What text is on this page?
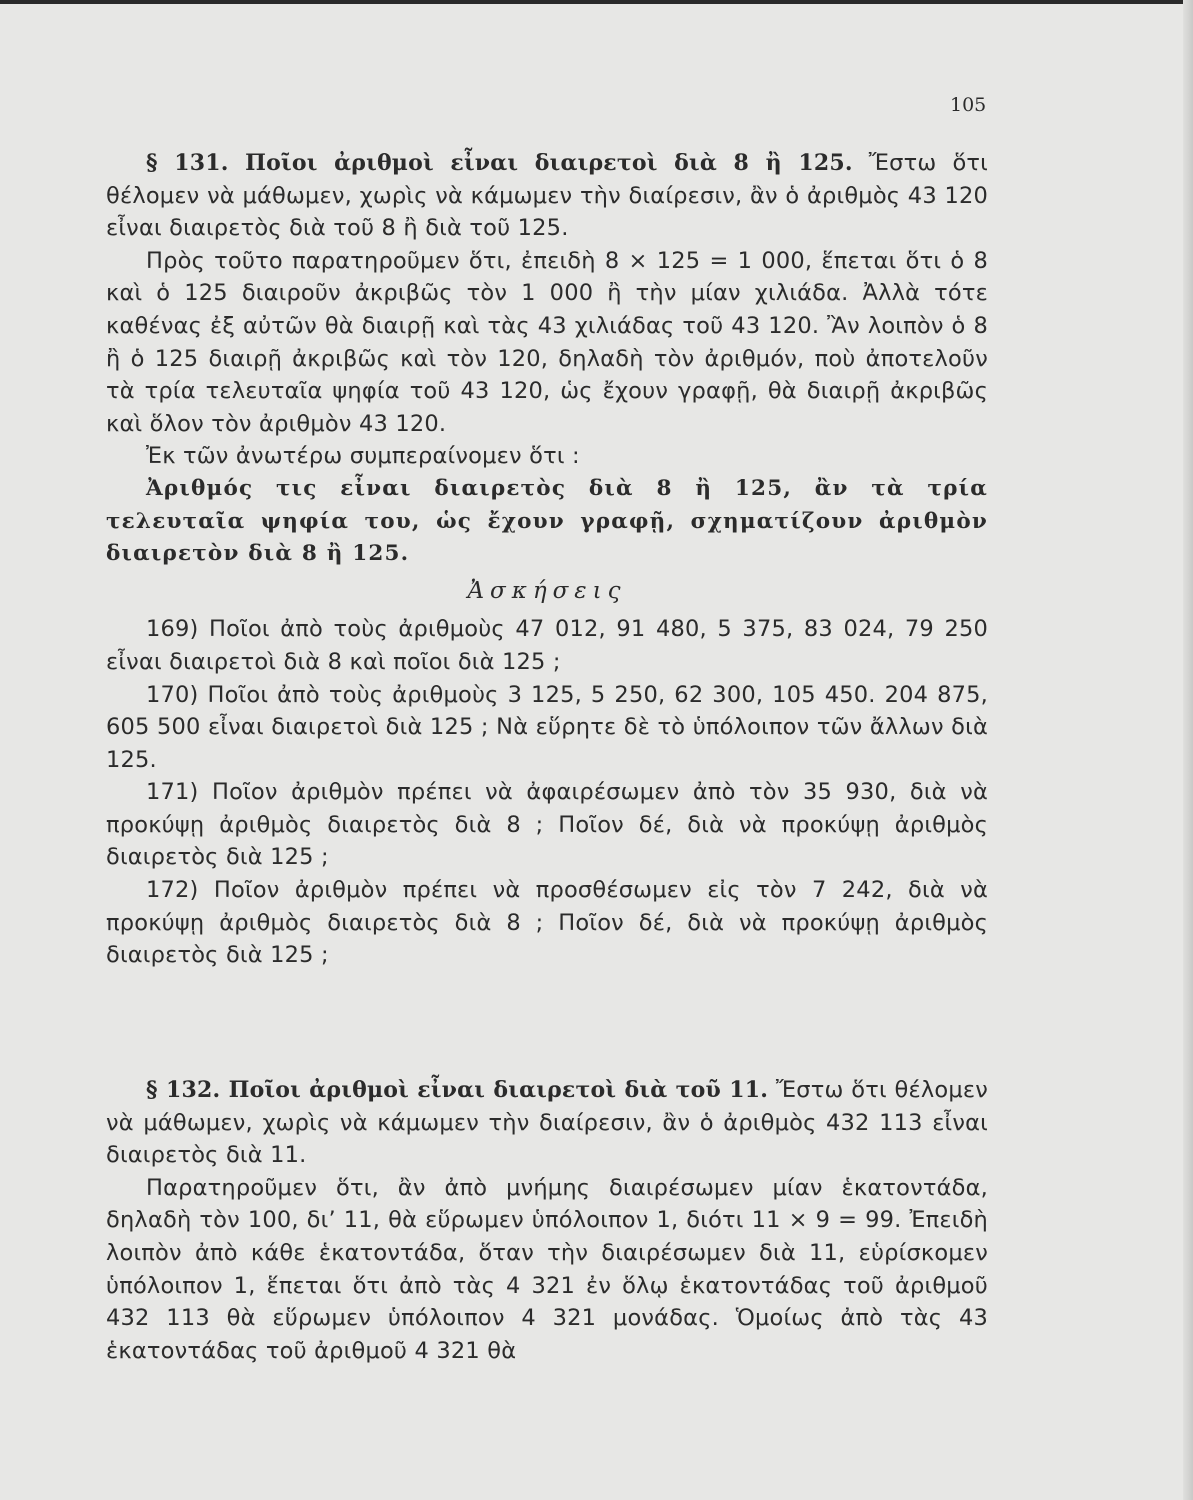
105

§ 131. Ποῖοι ἀριθμοὶ εἶναι διαιρετοὶ διὰ 8 ἢ 125. Ἔστω ὅτι θέλομεν νὰ μάθωμεν, χωρὶς νὰ κάμωμεν τὴν διαίρεσιν, ἂν ὁ ἀριθμὸς 43 120 εἶναι διαιρετὸς διὰ τοῦ 8 ἢ διὰ τοῦ 125.

Πρὸς τοῦτο παρατηροῦμεν ὅτι, ἐπειδὴ 8 × 125 = 1 000, ἕπεται ὅτι ὁ 8 καὶ ὁ 125 διαιροῦν ἀκριβῶς τὸν 1 000 ἢ τὴν μίαν χιλιάδα. Ἀλλὰ τότε καθένας ἐξ αὐτῶν θὰ διαιρῇ καὶ τὰς 43 χιλιάδας τοῦ 43 120. Ἂν λοιπὸν ὁ 8 ἢ ὁ 125 διαιρῇ ἀκριβῶς καὶ τὸν 120, δηλαδὴ τὸν ἀριθμόν, ποὺ ἀποτελοῦν τὰ τρία τελευταῖα ψηφία τοῦ 43 120, ὡς ἔχουν γραφῇ, θὰ διαιρῇ ἀκριβῶς καὶ ὅλον τὸν ἀριθμὸν 43 120.

Ἐκ τῶν ἀνωτέρω συμπεραίνομεν ὅτι :

Ἀριθμός τις εἶναι διαιρετὸς διὰ 8 ἢ 125, ἂν τὰ τρία τελευταῖα ψηφία του, ὡς ἔχουν γραφῇ, σχηματίζουν ἀριθμὸν διαιρετὸν διὰ 8 ἢ 125.

Ἀσκήσεις

169) Ποῖοι ἀπὸ τοὺς ἀριθμοὺς 47 012, 91 480, 5 375, 83 024, 79 250 εἶναι διαιρετοὶ διὰ 8 καὶ ποῖοι διὰ 125 ;

170) Ποῖοι ἀπὸ τοὺς ἀριθμοὺς 3 125, 5 250, 62 300, 105 450. 204 875, 605 500 εἶναι διαιρετοὶ διὰ 125 ; Νὰ εὕρητε δὲ τὸ ὑπόλοιπον τῶν ἄλλων διὰ 125.

171) Ποῖον ἀριθμὸν πρέπει νὰ ἀφαιρέσωμεν ἀπὸ τὸν 35 930, διὰ νὰ προκύψῃ ἀριθμὸς διαιρετὸς διὰ 8 ; Ποῖον δέ, διὰ νὰ προκύψῃ ἀριθμὸς διαιρετὸς διὰ 125 ;

172) Ποῖον ἀριθμὸν πρέπει νὰ προσθέσωμεν εἰς τὸν 7 242, διὰ νὰ προκύψῃ ἀριθμὸς διαιρετὸς διὰ 8 ; Ποῖον δέ, διὰ νὰ προκύψῃ ἀριθμὸς διαιρετὸς διὰ 125 ;

§ 132. Ποῖοι ἀριθμοὶ εἶναι διαιρετοὶ διὰ τοῦ 11. Ἔστω ὅτι θέλομεν νὰ μάθωμεν, χωρὶς νὰ κάμωμεν τὴν διαίρεσιν, ἂν ὁ ἀριθμὸς 432 113 εἶναι διαιρετὸς διὰ 11.

Παρατηροῦμεν ὅτι, ἂν ἀπὸ μνήμης διαιρέσωμεν μίαν ἑκατοντάδα, δηλαδὴ τὸν 100, δι’ 11, θὰ εὕρωμεν ὑπόλοιπον 1, διότι 11 × 9 = 99. Ἐπειδὴ λοιπὸν ἀπὸ κάθε ἑκατοντάδα, ὅταν τὴν διαιρέσωμεν διὰ 11, εὑρίσκομεν ὑπόλοιπον 1, ἕπεται ὅτι ἀπὸ τὰς 4 321 ἐν ὅλῳ ἑκατοντάδας τοῦ ἀριθμοῦ 432 113 θὰ εὕρωμεν ὑπόλοιπον 4 321 μονάδας. Ὁμοίως ἀπὸ τὰς 43 ἑκατοντάδας τοῦ ἀριθμοῦ 4 321 θὰ
